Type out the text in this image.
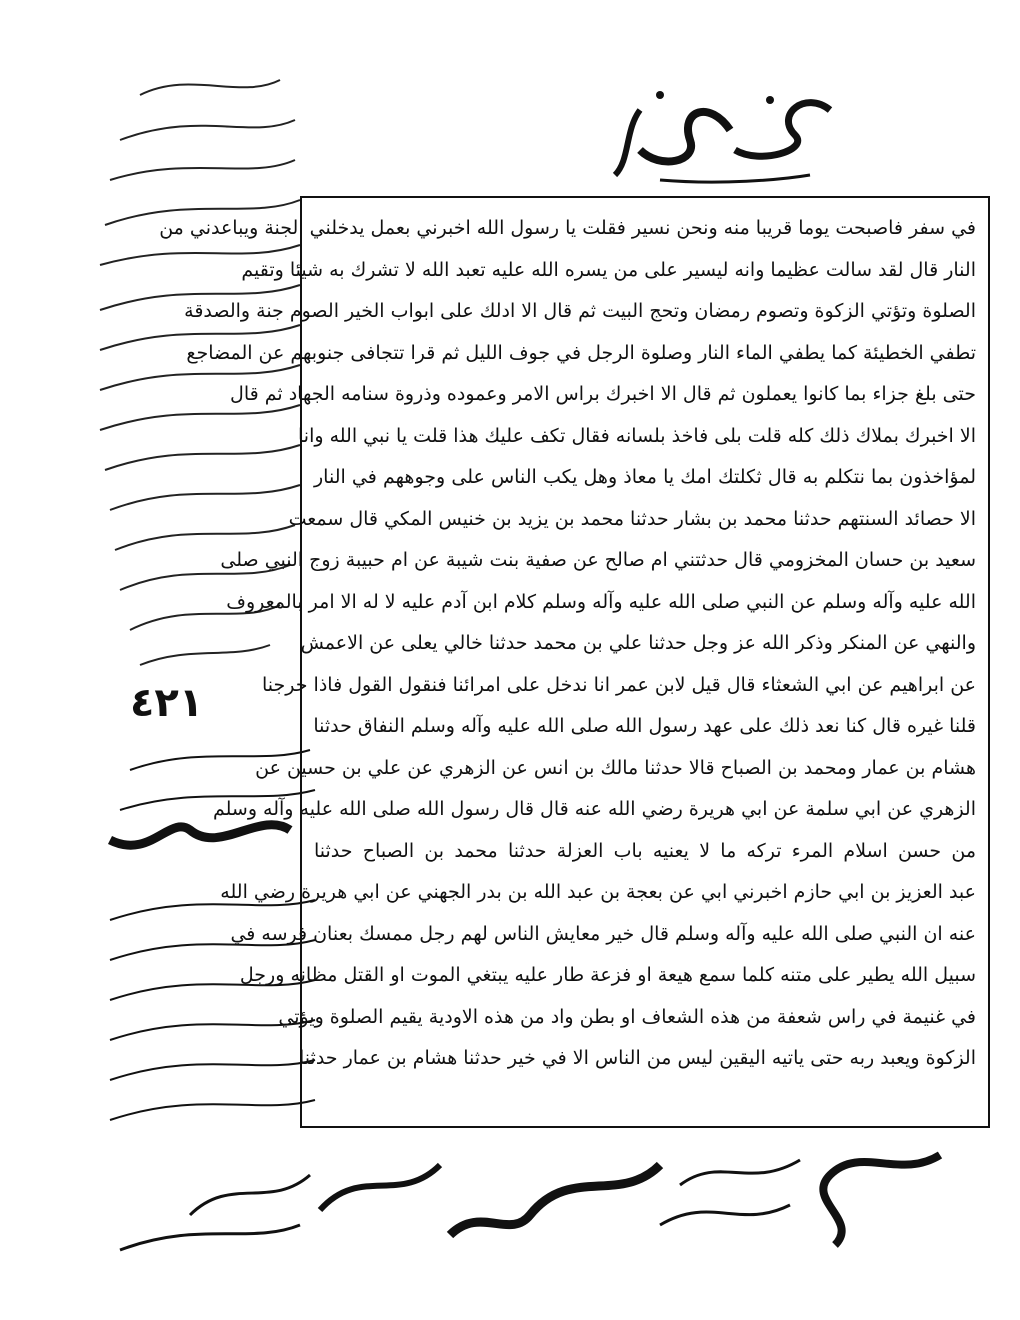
٤٢١
في سفر فاصبحت يوما قريبا منه ونحن نسير فقلت يا رسول الله اخبرني بعمل يدخلني الجنة ويباعدني من
النار قال لقد سالت عظيما وانه ليسير على من يسره الله عليه تعبد الله لا تشرك به شيئا وتقيم
الصلوة وتؤتي الزكوة وتصوم رمضان وتحج البيت ثم قال الا ادلك على ابواب الخير الصوم جنة والصدقة
تطفي الخطيئة كما يطفي الماء النار وصلوة الرجل في جوف الليل ثم قرا تتجافى جنوبهم عن المضاجع
حتى بلغ جزاء بما كانوا يعملون ثم قال الا اخبرك براس الامر وعموده وذروة سنامه الجهاد ثم قال
الا اخبرك بملاك ذلك كله قلت بلى فاخذ بلسانه فقال تكف عليك هذا قلت يا نبي الله وانا
لمؤاخذون بما نتكلم به قال ثكلتك امك يا معاذ وهل يكب الناس على وجوههم في النار
الا حصائد السنتهم حدثنا محمد بن بشار حدثنا محمد بن يزيد بن خنيس المكي قال سمعت
سعيد بن حسان المخزومي قال حدثتني ام صالح عن صفية بنت شيبة عن ام حبيبة زوج النبي صلى
الله عليه وآله وسلم عن النبي صلى الله عليه وآله وسلم كلام ابن آدم عليه لا له الا امر بالمعروف
والنهي عن المنكر وذكر الله عز وجل حدثنا علي بن محمد حدثنا خالي يعلى عن الاعمش
عن ابراهيم عن ابي الشعثاء قال قيل لابن عمر انا ندخل على امرائنا فنقول القول فاذا خرجنا
قلنا غيره قال كنا نعد ذلك على عهد رسول الله صلى الله عليه وآله وسلم النفاق حدثنا
هشام بن عمار ومحمد بن الصباح قالا حدثنا مالك بن انس عن الزهري عن علي بن حسين عن
الزهري عن ابي سلمة عن ابي هريرة رضي الله عنه قال قال رسول الله صلى الله عليه وآله وسلم
من حسن اسلام المرء تركه ما لا يعنيه باب العزلة حدثنا محمد بن الصباح حدثنا
عبد العزيز بن ابي حازم اخبرني ابي عن بعجة بن عبد الله بن بدر الجهني عن ابي هريرة رضي الله
عنه ان النبي صلى الله عليه وآله وسلم قال خير معايش الناس لهم رجل ممسك بعنان فرسه في
سبيل الله يطير على متنه كلما سمع هيعة او فزعة طار عليه يبتغي الموت او القتل مظانه ورجل
في غنيمة في راس شعفة من هذه الشعاف او بطن واد من هذه الاودية يقيم الصلوة ويؤتي
الزكوة ويعبد ربه حتى ياتيه اليقين ليس من الناس الا في خير حدثنا هشام بن عمار حدثنا
